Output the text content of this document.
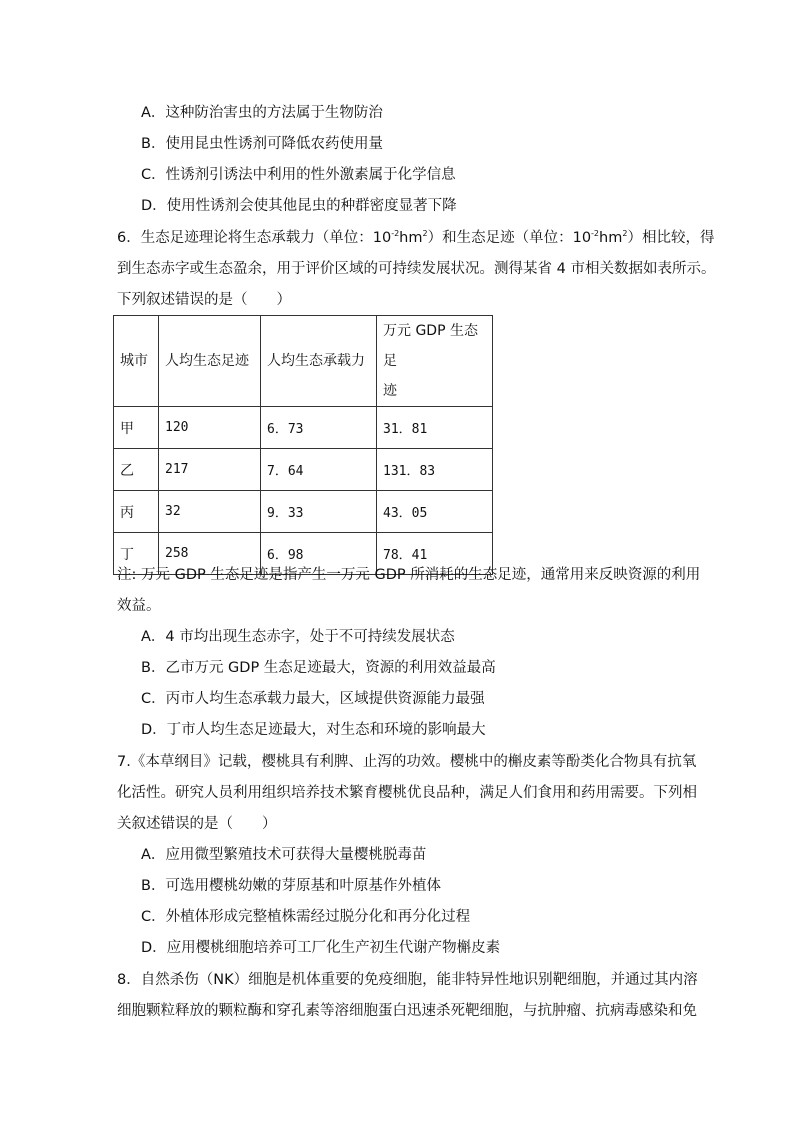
A．这种防治害虫的方法属于生物防治
B．使用昆虫性诱剂可降低农药使用量
C．性诱剂引诱法中利用的性外激素属于化学信息
D．使用性诱剂会使其他昆虫的种群密度显著下降
6．生态足迹理论将生态承载力（单位：$10^{-2}hm^2$）和生态足迹（单位：$10^{-2}hm^2$）相比较，得
到生态赤字或生态盈余，用于评价区域的可持续发展状况。测得某省 4 市相关数据如表所示。
下列叙述错误的是（　　）
城市	人均生态足迹	人均生态承载力	万元 GDP 生态足
迹
甲	120	6．73	31．81
乙	217	7．64	131．83
丙	32	9．33	43．05
丁	258	6．98	78．41
注: 万元 GDP 生态足迹是指产生一万元 GDP 所消耗的生态足迹，通常用来反映资源的利用
效益。
A．4 市均出现生态赤字，处于不可持续发展状态
B．乙市万元 GDP 生态足迹最大，资源的利用效益最高
C．丙市人均生态承载力最大，区域提供资源能力最强
D．丁市人均生态足迹最大，对生态和环境的影响最大
7.《本草纲目》记载，樱桃具有利脾、止泻的功效。樱桃中的槲皮素等酚类化合物具有抗氧
化活性。研究人员利用组织培养技术繁育樱桃优良品种，满足人们食用和药用需要。下列相
关叙述错误的是（　　）
A．应用微型繁殖技术可获得大量樱桃脱毒苗
B．可选用樱桃幼嫩的芽原基和叶原基作外植体
C．外植体形成完整植株需经过脱分化和再分化过程
D．应用樱桃细胞培养可工厂化生产初生代谢产物槲皮素
8．自然杀伤（NK）细胞是机体重要的免疫细胞，能非特异性地识别靶细胞，并通过其内溶
细胞颗粒释放的颗粒酶和穿孔素等溶细胞蛋白迅速杀死靶细胞，与抗肿瘤、抗病毒感染和免
